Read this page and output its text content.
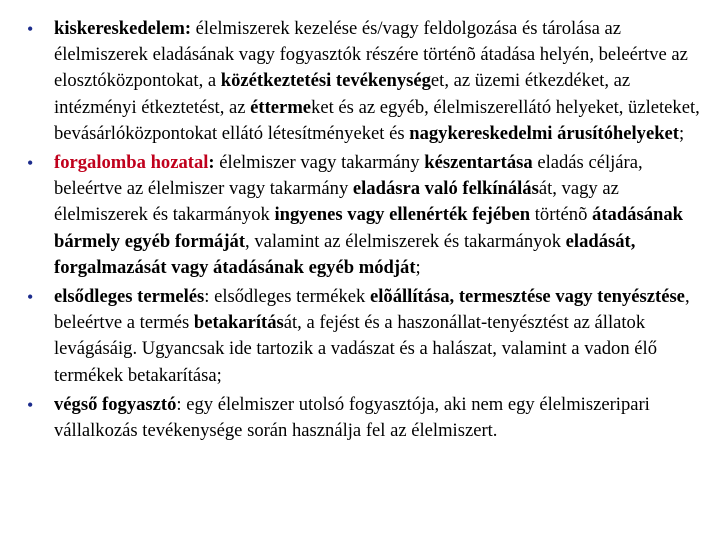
• kiskereskedelem: élelmiszerek kezelése és/vagy feldolgozása és tárolása az élelmiszerek eladásának vagy fogyasztók részére történõ átadása helyén, beleértve az elosztóközpontokat, a közétkeztetési tevékenységet, az üzemi étkezdéket, az intézményi étkeztetést, az éttermeket és az egyéb, élelmiszerellátó helyeket, üzleteket, bevásárlóközpontokat ellátó létesítményeket és nagykereskedelmi árusítóhelyeket;
• forgalomba hozatal: élelmiszer vagy takarmány készentartása eladás céljára, beleértve az élelmiszer vagy takarmány eladásra való felkínálását, vagy az élelmiszerek és takarmányok ingyenes vagy ellenérték fejében történõ átadásának bármely egyéb formáját, valamint az élelmiszerek és takarmányok eladását, forgalmazását vagy átadásának egyéb módját;
• elsődleges termelés: elsődleges termékek elõállítása, termesztése vagy tenyésztése, beleértve a termés betakarítását, a fejést és a haszonállat-tenyésztést az állatok levágásáig. Ugyancsak ide tartozik a vadászat és a halászat, valamint a vadon élő termékek betakarítása;
• végső fogyasztó: egy élelmiszer utolsó fogyasztója, aki nem egy élelmiszeripari vállalkozás tevékenysége során használja fel az élelmiszert.
